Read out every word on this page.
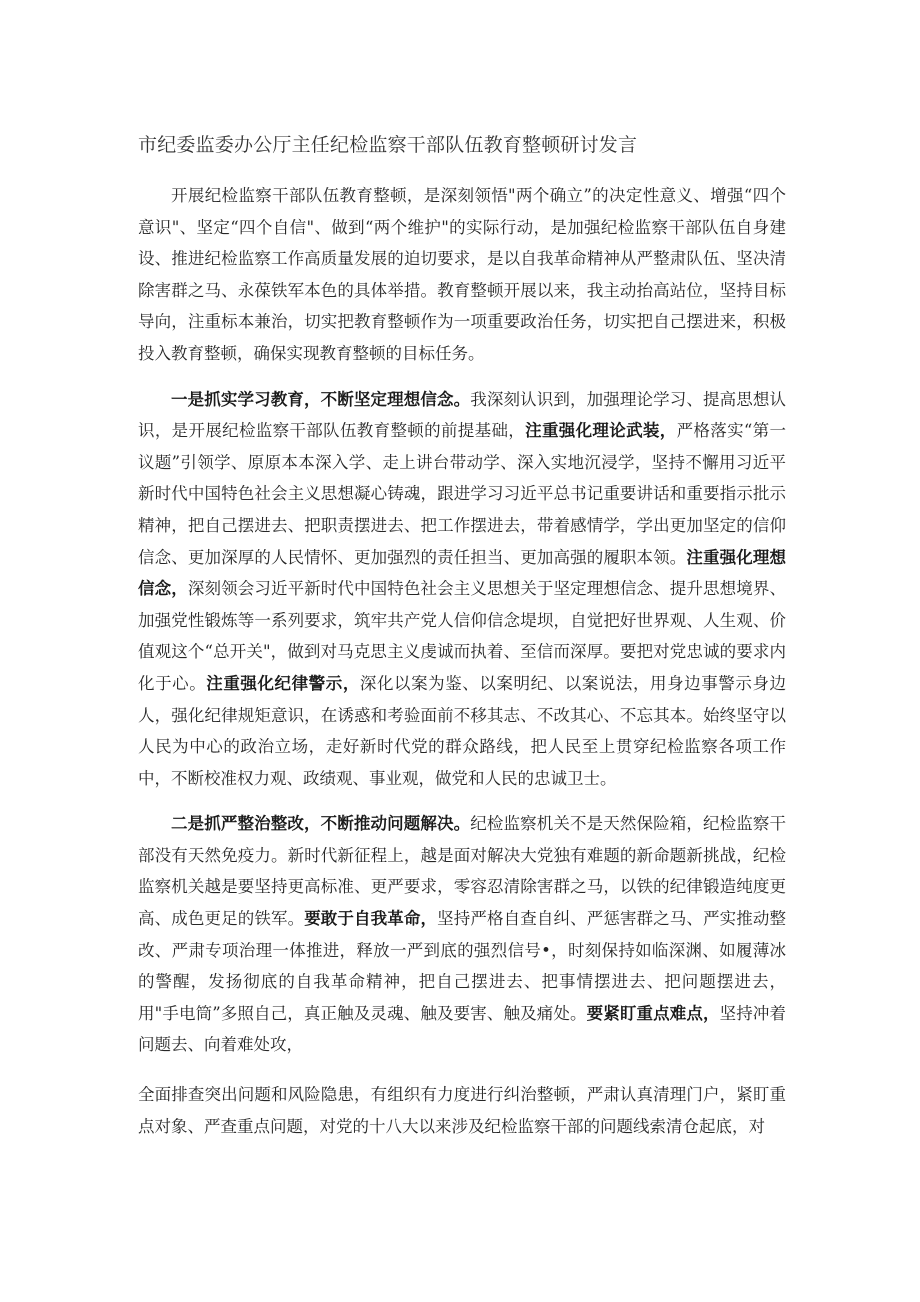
市纪委监委办公厅主任纪检监察干部队伍教育整顿研讨发言

开展纪检监察干部队伍教育整顿，是深刻领悟"两个确立”的决定性意义、增强“四个意识"、坚定“四个自信"、做到“两个维护"的实际行动，是加强纪检监察干部队伍自身建设、推进纪检监察工作高质量发展的迫切要求，是以自我革命精神从严整肃队伍、坚决清除害群之马、永葆铁军本色的具体举措。教育整顿开展以来，我主动抬高站位，坚持目标导向，注重标本兼治，切实把教育整顿作为一项重要政治任务，切实把自己摆进来，积极投入教育整顿，确保实现教育整顿的目标任务。

一是抓实学习教育，不断坚定理想信念。我深刻认识到，加强理论学习、提高思想认识，是开展纪检监察干部队伍教育整顿的前提基础，注重强化理论武装，严格落实“第一议题”引领学、原原本本深入学、走上讲台带动学、深入实地沉浸学，坚持不懈用习近平新时代中国特色社会主义思想凝心铸魂，跟进学习习近平总书记重要讲话和重要指示批示精神，把自己摆进去、把职责摆进去、把工作摆进去，带着感情学，学出更加坚定的信仰信念、更加深厚的人民情怀、更加强烈的责任担当、更加高强的履职本领。注重强化理想信念，深刻领会习近平新时代中国特色社会主义思想关于坚定理想信念、提升思想境界、加强党性锻炼等一系列要求，筑牢共产党人信仰信念堤坝，自觉把好世界观、人生观、价值观这个“总开关"，做到对马克思主义虔诚而执着、至信而深厚。要把对党忠诚的要求内化于心。注重强化纪律警示，深化以案为鉴、以案明纪、以案说法，用身边事警示身边人，强化纪律规矩意识，在诱惑和考验面前不移其志、不改其心、不忘其本。始终坚守以人民为中心的政治立场，走好新时代党的群众路线，把人民至上贯穿纪检监察各项工作中，不断校准权力观、政绩观、事业观，做党和人民的忠诚卫士。

二是抓严整治整改，不断推动问题解决。纪检监察机关不是天然保险箱，纪检监察干部没有天然免疫力。新时代新征程上，越是面对解决大党独有难题的新命题新挑战，纪检监察机关越是要坚持更高标准、更严要求，零容忍清除害群之马，以铁的纪律锻造纯度更高、成色更足的铁军。要敢于自我革命，坚持严格自查自纠、严惩害群之马、严实推动整改、严肃专项治理一体推进，释放一严到底的强烈信号•，时刻保持如临深渊、如履薄冰的警醒，发扬彻底的自我革命精神，把自己摆进去、把事情摆进去、把问题摆进去，用"手电筒”多照自己，真正触及灵魂、触及要害、触及痛处。要紧盯重点难点，坚持冲着问题去、向着难处攻，

全面排查突出问题和风险隐患，有组织有力度进行纠治整顿，严肃认真清理门户，紧盯重点对象、严查重点问题，对党的十八大以来涉及纪检监察干部的问题线索清仓起底，对
